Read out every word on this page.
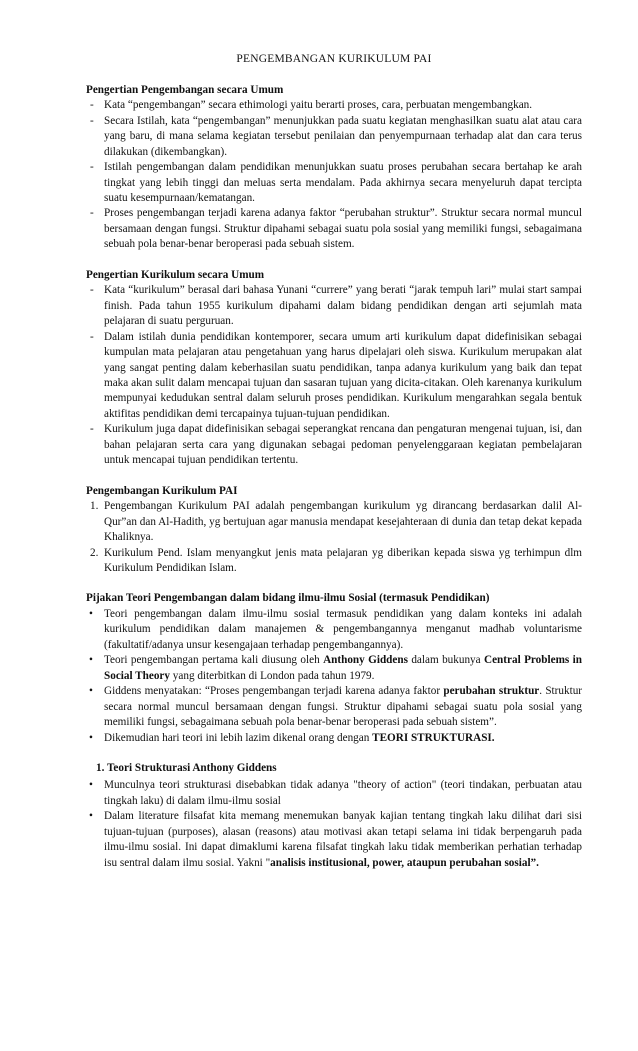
PENGEMBANGAN KURIKULUM PAI

Pengertian Pengembangan secara Umum

- Kata “pengembangan” secara ethimologi yaitu berarti proses, cara, perbuatan mengembangkan.
- Secara Istilah, kata “pengembangan” menunjukkan pada suatu kegiatan menghasilkan suatu alat atau cara yang baru, di mana selama kegiatan tersebut penilaian dan penyempurnaan terhadap alat dan cara terus dilakukan (dikembangkan).
- Istilah pengembangan dalam pendidikan menunjukkan suatu proses perubahan secara bertahap ke arah tingkat yang lebih tinggi dan meluas serta mendalam. Pada akhirnya secara menyeluruh dapat tercipta suatu kesempurnaan/kematangan.
- Proses pengembangan terjadi karena adanya faktor “perubahan struktur”. Struktur secara normal muncul bersamaan dengan fungsi. Struktur dipahami sebagai suatu pola sosial yang memiliki fungsi, sebagaimana sebuah pola benar-benar beroperasi pada sebuah sistem.

Pengertian Kurikulum secara Umum

- Kata “kurikulum” berasal dari bahasa Yunani “currere” yang berati “jarak tempuh lari” mulai start sampai finish. Pada tahun 1955 kurikulum dipahami dalam bidang pendidikan dengan arti sejumlah mata pelajaran di suatu perguruan.
- Dalam istilah dunia pendidikan kontemporer, secara umum arti kurikulum dapat didefinisikan sebagai kumpulan mata pelajaran atau pengetahuan yang harus dipelajari oleh siswa. Kurikulum merupakan alat yang sangat penting dalam keberhasilan suatu pendidikan, tanpa adanya kurikulum yang baik dan tepat maka akan sulit dalam mencapai tujuan dan sasaran tujuan yang dicita-citakan. Oleh karenanya kurikulum mempunyai kedudukan sentral dalam seluruh proses pendidikan. Kurikulum mengarahkan segala bentuk aktifitas pendidikan demi tercapainya tujuan-tujuan pendidikan.
- Kurikulum juga dapat didefinisikan sebagai seperangkat rencana dan pengaturan mengenai tujuan, isi, dan bahan pelajaran serta cara yang digunakan sebagai pedoman penyelenggaraan kegiatan pembelajaran untuk mencapai tujuan pendidikan tertentu.

Pengembangan Kurikulum PAI

1. Pengembangan Kurikulum PAI adalah pengembangan kurikulum yg dirancang berdasarkan dalil Al-Qur”an dan Al-Hadith, yg bertujuan agar manusia mendapat kesejahteraan di dunia dan tetap dekat kepada Khaliknya.
2. Kurikulum Pend. Islam menyangkut jenis mata pelajaran yg diberikan kepada siswa yg terhimpun dlm Kurikulum Pendidikan Islam.

Pijakan Teori Pengembangan dalam bidang ilmu-ilmu Sosial (termasuk Pendidikan)

• Teori pengembangan dalam ilmu-ilmu sosial termasuk pendidikan yang dalam konteks ini adalah kurikulum pendidikan dalam manajemen & pengembangannya menganut madhab voluntarisme (fakultatif/adanya unsur kesengajaan terhadap pengembangannya).
• Teori pengembangan pertama kali diusung oleh Anthony Giddens dalam bukunya Central Problems in Social Theory yang diterbitkan di London pada tahun 1979.
• Giddens menyatakan: “Proses pengembangan terjadi karena adanya faktor perubahan struktur. Struktur secara normal muncul bersamaan dengan fungsi. Struktur dipahami sebagai suatu pola sosial yang memiliki fungsi, sebagaimana sebuah pola benar-benar beroperasi pada sebuah sistem”.
• Dikemudian hari teori ini lebih lazim dikenal orang dengan TEORI STRUKTURASI.

1. Teori Strukturasi Anthony Giddens

• Munculnya teori strukturasi disebabkan tidak adanya "theory of action" (teori tindakan, perbuatan atau tingkah laku) di dalam ilmu-ilmu sosial
• Dalam literature filsafat kita memang menemukan banyak kajian tentang tingkah laku dilihat dari sisi tujuan-tujuan (purposes), alasan (reasons) atau motivasi akan tetapi selama ini tidak berpengaruh pada ilmu-ilmu sosial. Ini dapat dimaklumi karena filsafat tingkah laku tidak memberikan perhatian terhadap isu sentral dalam ilmu sosial. Yakni "analisis institusional, power, ataupun perubahan sosial”.
